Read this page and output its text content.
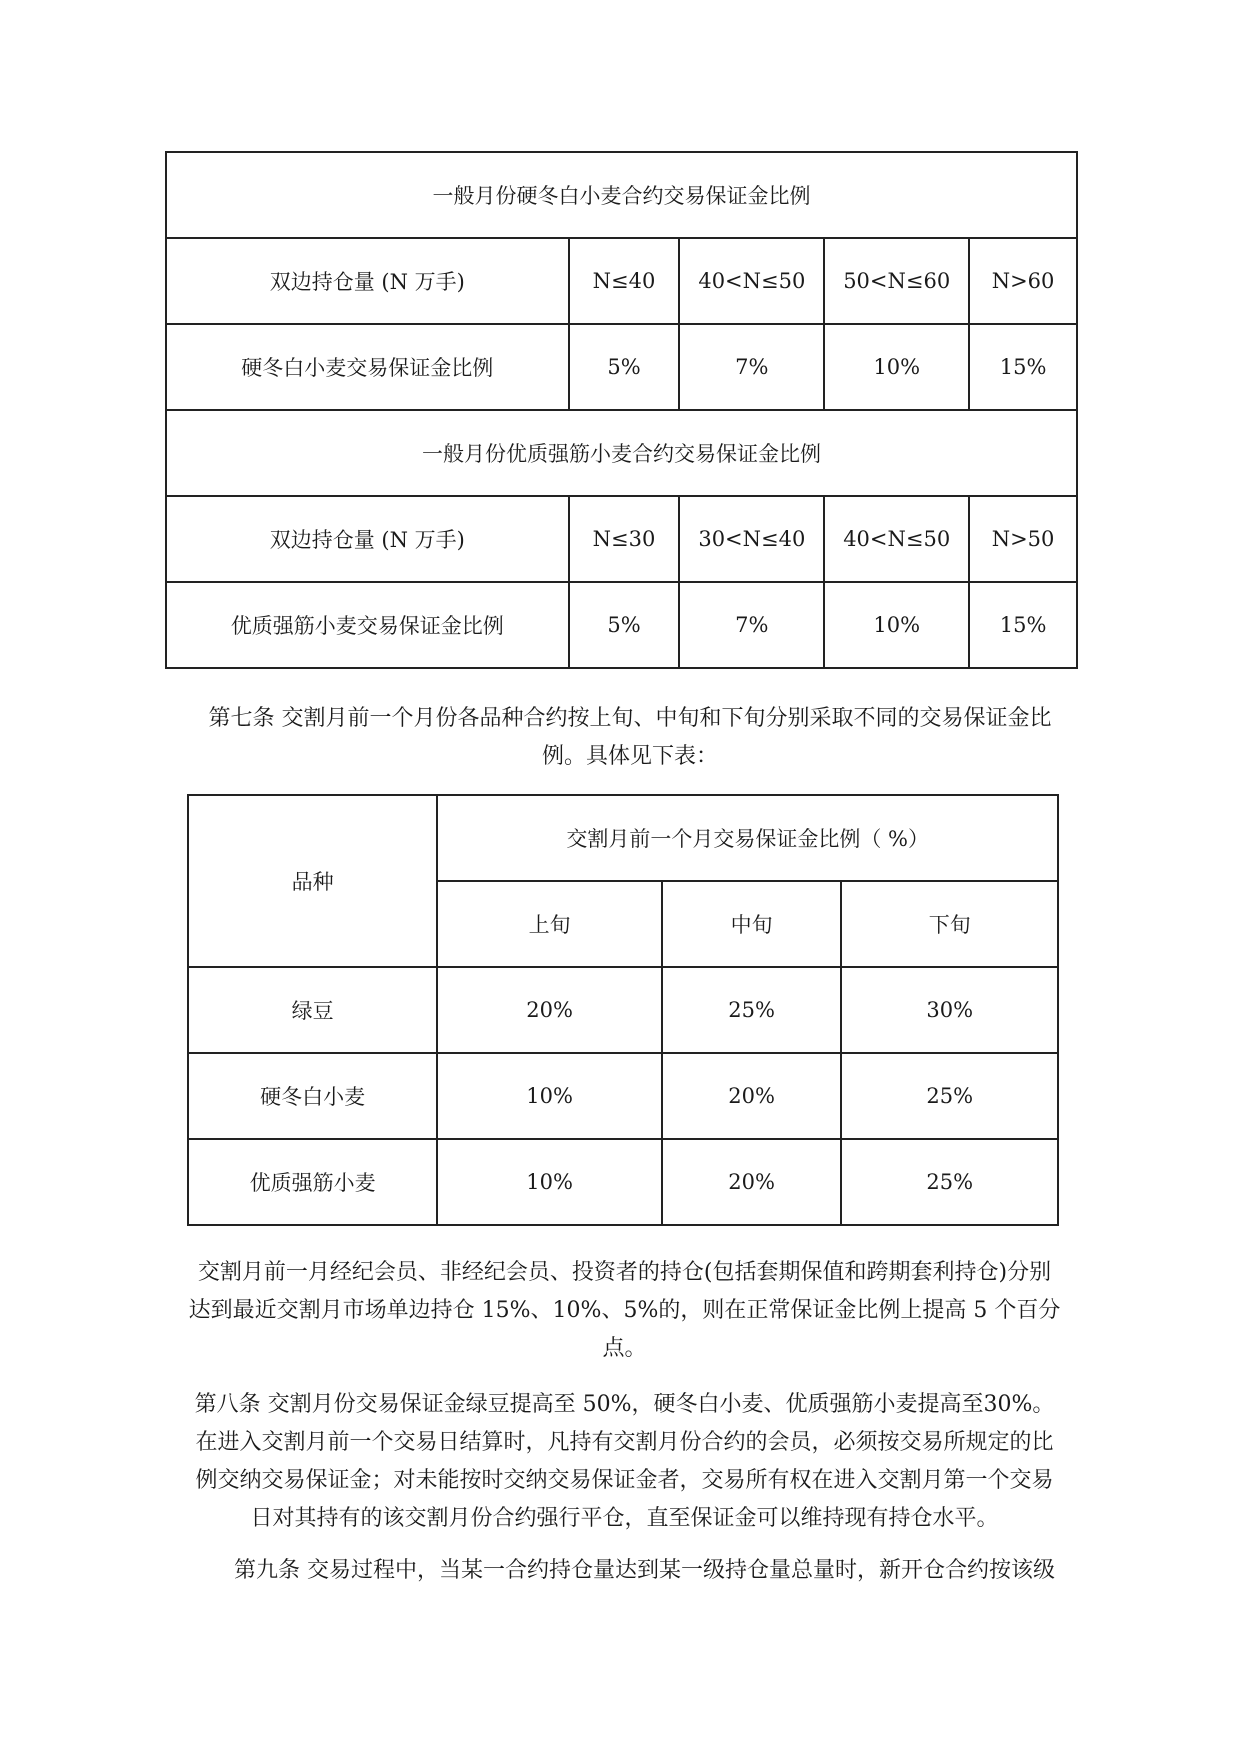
一般月份硬冬白小麦合约交易保证金比例				
双边持仓量 (N 万手)	N≤40	40<N≤50	50<N≤60	N>60
硬冬白小麦交易保证金比例	5%	7%	10%	15%
一般月份优质强筋小麦合约交易保证金比例				
双边持仓量 (N 万手)	N≤30	30<N≤40	40<N≤50	N>50
优质强筋小麦交易保证金比例	5%	7%	10%	15%

第七条 交割月前一个月份各品种合约按上旬、中旬和下旬分别采取不同的交易保证金比例。具体见下表：

品种	交割月前一个月交易保证金比例（ %）		
	上旬	中旬	下旬
绿豆	20%	25%	30%
硬冬白小麦	10%	20%	25%
优质强筋小麦	10%	20%	25%

交割月前一月经纪会员、非经纪会员、投资者的持仓(包括套期保值和跨期套利持仓)分别达到最近交割月市场单边持仓 15%、10%、5%的，则在正常保证金比例上提高 5 个百分点。

第八条 交割月份交易保证金绿豆提高至 50%，硬冬白小麦、优质强筋小麦提高至30%。在进入交割月前一个交易日结算时，凡持有交割月份合约的会员，必须按交易所规定的比例交纳交易保证金；对未能按时交纳交易保证金者，交易所有权在进入交割月第一个交易日对其持有的该交割月份合约强行平仓，直至保证金可以维持现有持仓水平。

第九条 交易过程中，当某一合约持仓量达到某一级持仓量总量时，新开仓合约按该级
